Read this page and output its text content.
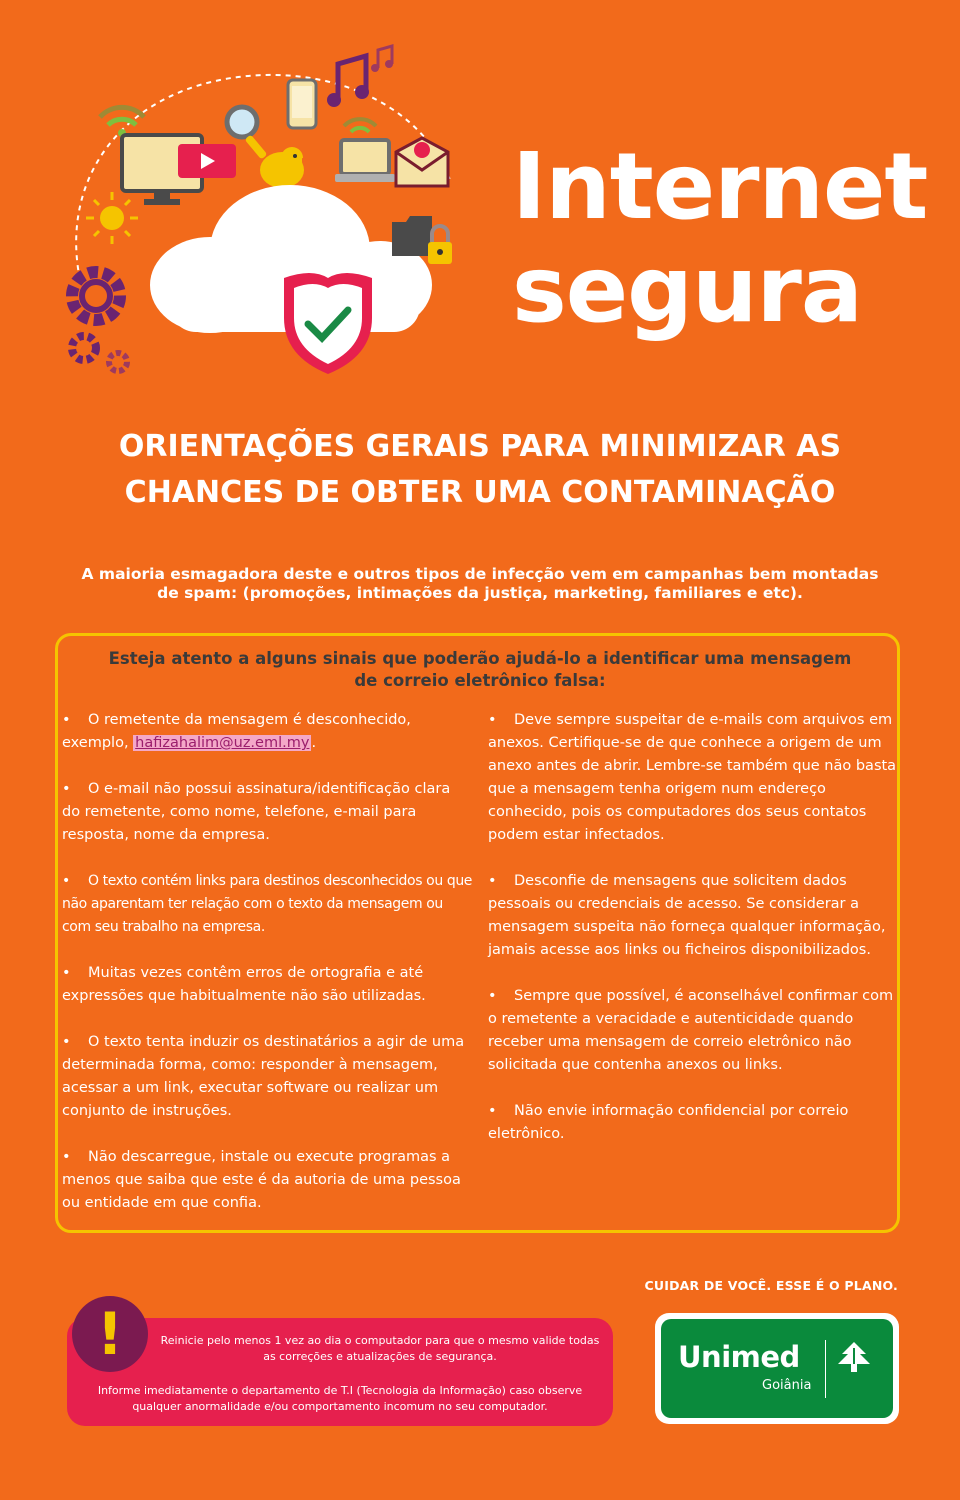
Internet
segura
ORIENTAÇÕES GERAIS PARA MINIMIZAR AS
CHANCES DE OBTER UMA CONTAMINAÇÃO
A maioria esmagadora deste e outros tipos de infecção vem em campanhas bem montadas
de spam: (promoções, intimações da justiça, marketing, familiares e etc).
Esteja atento a alguns sinais que poderão ajudá-lo a identificar uma mensagem
de correio eletrônico falsa:
• O remetente da mensagem é desconhecido, exemplo, hafizahalim@uz.eml.my .
• O e-mail não possui assinatura/identificação clara do remetente, como nome, telefone, e-mail para resposta, nome da empresa.
• O texto contém links para destinos desconhecidos ou que não aparentam ter relação com o texto da mensagem ou com seu trabalho na empresa.
• Muitas vezes contêm erros de ortografia e até expressões que habitualmente não são utilizadas.
• O texto tenta induzir os destinatários a agir de uma determinada forma, como: responder à mensagem, acessar a um link, executar software ou realizar um conjunto de instruções.
• Não descarregue, instale ou execute programas a menos que saiba que este é da autoria de uma pessoa ou entidade em que confia.
• Deve sempre suspeitar de e-mails com arquivos em anexos. Certifique-se de que conhece a origem de um anexo antes de abrir. Lembre-se também que não basta que a mensagem tenha origem num endereço conhecido, pois os computadores dos seus contatos podem estar infectados.
• Desconfie de mensagens que solicitem dados pessoais ou credenciais de acesso. Se considerar a mensagem suspeita não forneça qualquer informação, jamais acesse aos links ou ficheiros disponibilizados.
• Sempre que possível, é aconselhável confirmar com o remetente a veracidade e autenticidade quando receber uma mensagem de correio eletrônico não solicitada que contenha anexos ou links.
• Não envie informação confidencial por correio eletrônico.
CUIDAR DE VOCÊ. ESSE É O PLANO.
!	Reinicie pelo menos 1 vez ao dia o computador para que o mesmo valide todas as correções e atualizações de segurança.
Informe imediatamente o departamento de T.I (Tecnologia da Informação) caso observe qualquer anormalidade e/ou comportamento incomum no seu computador.
Unimed
Goiânia
